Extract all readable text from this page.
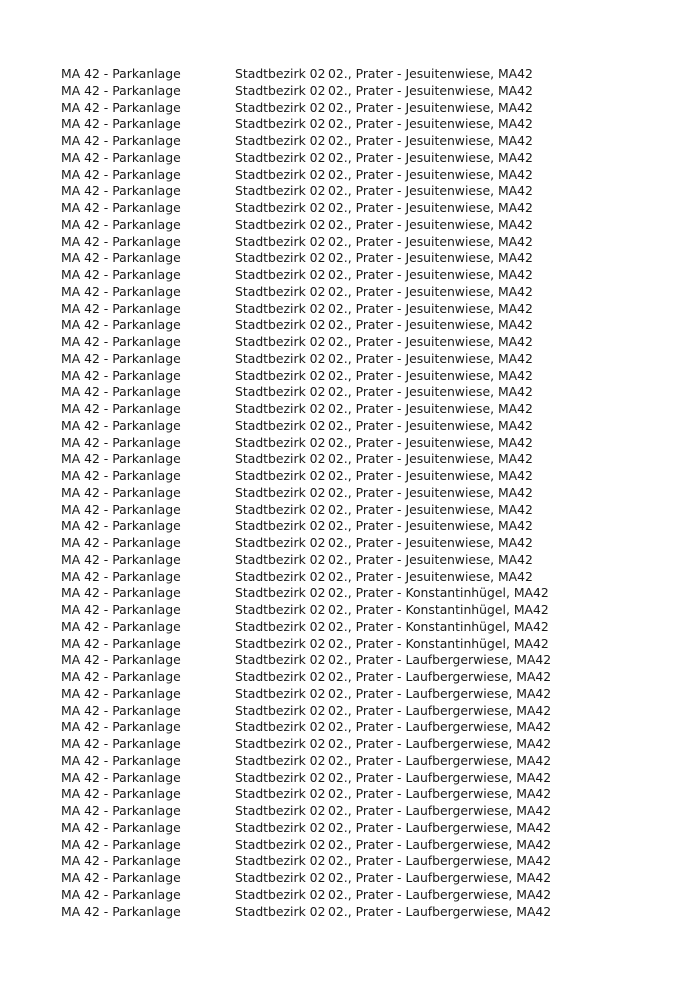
MA 42 - Parkanlage	Stadtbezirk 02 02., Prater - Jesuitenwiese, MA42
MA 42 - Parkanlage	Stadtbezirk 02 02., Prater - Jesuitenwiese, MA42
MA 42 - Parkanlage	Stadtbezirk 02 02., Prater - Jesuitenwiese, MA42
MA 42 - Parkanlage	Stadtbezirk 02 02., Prater - Jesuitenwiese, MA42
MA 42 - Parkanlage	Stadtbezirk 02 02., Prater - Jesuitenwiese, MA42
MA 42 - Parkanlage	Stadtbezirk 02 02., Prater - Jesuitenwiese, MA42
MA 42 - Parkanlage	Stadtbezirk 02 02., Prater - Jesuitenwiese, MA42
MA 42 - Parkanlage	Stadtbezirk 02 02., Prater - Jesuitenwiese, MA42
MA 42 - Parkanlage	Stadtbezirk 02 02., Prater - Jesuitenwiese, MA42
MA 42 - Parkanlage	Stadtbezirk 02 02., Prater - Jesuitenwiese, MA42
MA 42 - Parkanlage	Stadtbezirk 02 02., Prater - Jesuitenwiese, MA42
MA 42 - Parkanlage	Stadtbezirk 02 02., Prater - Jesuitenwiese, MA42
MA 42 - Parkanlage	Stadtbezirk 02 02., Prater - Jesuitenwiese, MA42
MA 42 - Parkanlage	Stadtbezirk 02 02., Prater - Jesuitenwiese, MA42
MA 42 - Parkanlage	Stadtbezirk 02 02., Prater - Jesuitenwiese, MA42
MA 42 - Parkanlage	Stadtbezirk 02 02., Prater - Jesuitenwiese, MA42
MA 42 - Parkanlage	Stadtbezirk 02 02., Prater - Jesuitenwiese, MA42
MA 42 - Parkanlage	Stadtbezirk 02 02., Prater - Jesuitenwiese, MA42
MA 42 - Parkanlage	Stadtbezirk 02 02., Prater - Jesuitenwiese, MA42
MA 42 - Parkanlage	Stadtbezirk 02 02., Prater - Jesuitenwiese, MA42
MA 42 - Parkanlage	Stadtbezirk 02 02., Prater - Jesuitenwiese, MA42
MA 42 - Parkanlage	Stadtbezirk 02 02., Prater - Jesuitenwiese, MA42
MA 42 - Parkanlage	Stadtbezirk 02 02., Prater - Jesuitenwiese, MA42
MA 42 - Parkanlage	Stadtbezirk 02 02., Prater - Jesuitenwiese, MA42
MA 42 - Parkanlage	Stadtbezirk 02 02., Prater - Jesuitenwiese, MA42
MA 42 - Parkanlage	Stadtbezirk 02 02., Prater - Jesuitenwiese, MA42
MA 42 - Parkanlage	Stadtbezirk 02 02., Prater - Jesuitenwiese, MA42
MA 42 - Parkanlage	Stadtbezirk 02 02., Prater - Jesuitenwiese, MA42
MA 42 - Parkanlage	Stadtbezirk 02 02., Prater - Jesuitenwiese, MA42
MA 42 - Parkanlage	Stadtbezirk 02 02., Prater - Jesuitenwiese, MA42
MA 42 - Parkanlage	Stadtbezirk 02 02., Prater - Jesuitenwiese, MA42
MA 42 - Parkanlage	Stadtbezirk 02 02., Prater - Konstantinhügel, MA42
MA 42 - Parkanlage	Stadtbezirk 02 02., Prater - Konstantinhügel, MA42
MA 42 - Parkanlage	Stadtbezirk 02 02., Prater - Konstantinhügel, MA42
MA 42 - Parkanlage	Stadtbezirk 02 02., Prater - Konstantinhügel, MA42
MA 42 - Parkanlage	Stadtbezirk 02 02., Prater - Laufbergerwiese, MA42
MA 42 - Parkanlage	Stadtbezirk 02 02., Prater - Laufbergerwiese, MA42
MA 42 - Parkanlage	Stadtbezirk 02 02., Prater - Laufbergerwiese, MA42
MA 42 - Parkanlage	Stadtbezirk 02 02., Prater - Laufbergerwiese, MA42
MA 42 - Parkanlage	Stadtbezirk 02 02., Prater - Laufbergerwiese, MA42
MA 42 - Parkanlage	Stadtbezirk 02 02., Prater - Laufbergerwiese, MA42
MA 42 - Parkanlage	Stadtbezirk 02 02., Prater - Laufbergerwiese, MA42
MA 42 - Parkanlage	Stadtbezirk 02 02., Prater - Laufbergerwiese, MA42
MA 42 - Parkanlage	Stadtbezirk 02 02., Prater - Laufbergerwiese, MA42
MA 42 - Parkanlage	Stadtbezirk 02 02., Prater - Laufbergerwiese, MA42
MA 42 - Parkanlage	Stadtbezirk 02 02., Prater - Laufbergerwiese, MA42
MA 42 - Parkanlage	Stadtbezirk 02 02., Prater - Laufbergerwiese, MA42
MA 42 - Parkanlage	Stadtbezirk 02 02., Prater - Laufbergerwiese, MA42
MA 42 - Parkanlage	Stadtbezirk 02 02., Prater - Laufbergerwiese, MA42
MA 42 - Parkanlage	Stadtbezirk 02 02., Prater - Laufbergerwiese, MA42
MA 42 - Parkanlage	Stadtbezirk 02 02., Prater - Laufbergerwiese, MA42
